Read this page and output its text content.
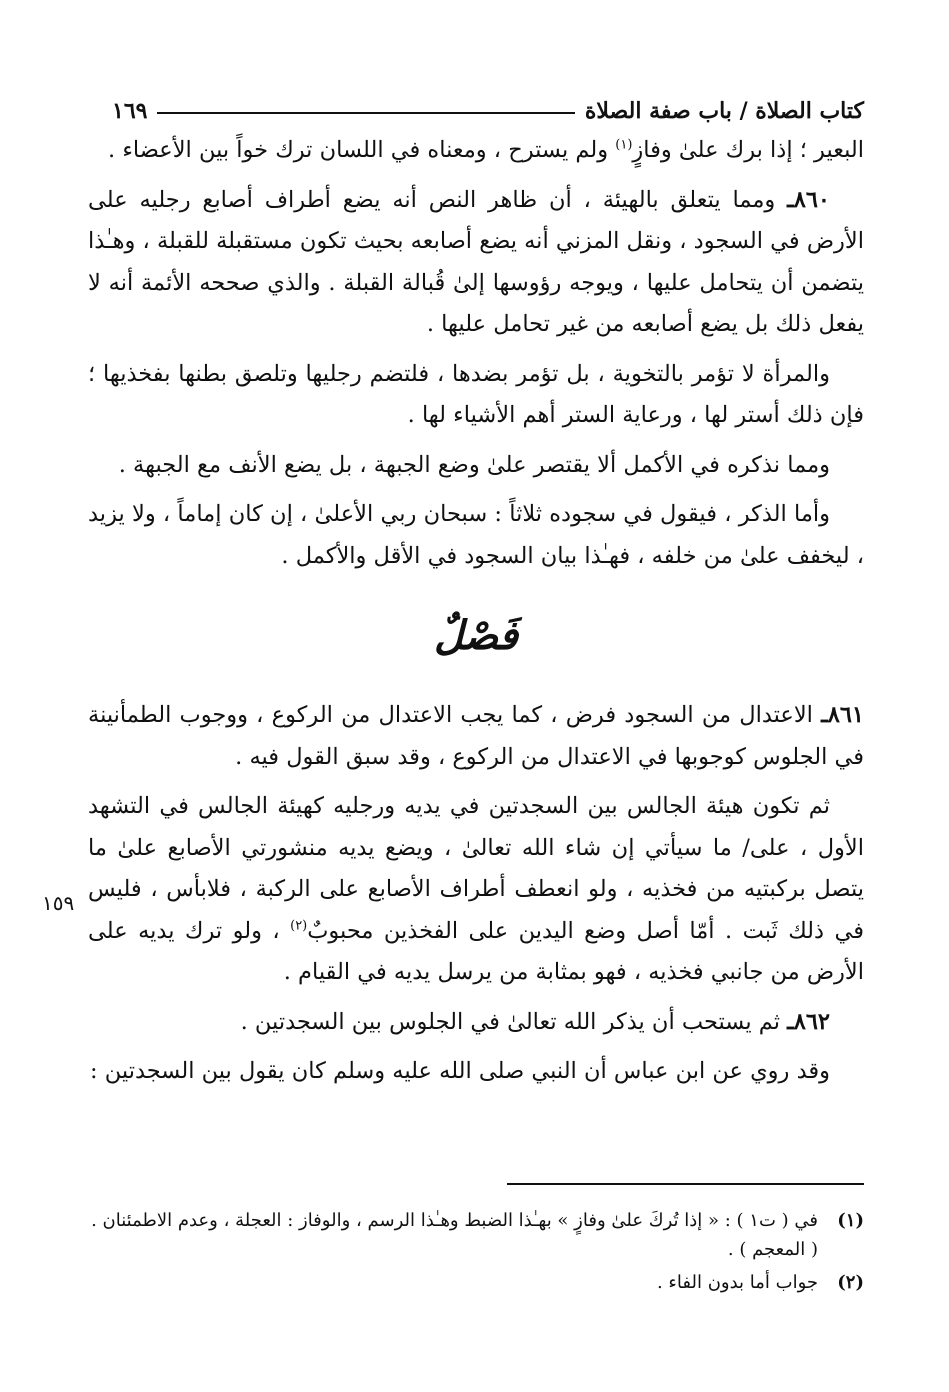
كتاب الصلاة / باب صفة الصلاة
١٦٩
١٥٩

البعير ؛ إذا برك علىٰ وفازٍ$^{(١)}$ ولم يسترح ، ومعناه في اللسان ترك خواً بين الأعضاء .

٨٦٠ـ ومما يتعلق بالهيئة ، أن ظاهر النص أنه يضع أطراف أصابع رجليه على الأرض في السجود ، ونقل المزني أنه يضع أصابعه بحيث تكون مستقبلة للقبلة ، وهـٰذا يتضمن أن يتحامل عليها ، ويوجه رؤوسها إلىٰ قُبالة القبلة . والذي صححه الأئمة أنه لا يفعل ذلك بل يضع أصابعه من غير تحامل عليها .

والمرأة لا تؤمر بالتخوية ، بل تؤمر بضدها ، فلتضم رجليها وتلصق بطنها بفخذيها ؛ فإن ذلك أستر لها ، ورعاية الستر أهم الأشياء لها .

ومما نذكره في الأكمل ألا يقتصر علىٰ وضع الجبهة ، بل يضع الأنف مع الجبهة .

وأما الذكر ، فيقول في سجوده ثلاثاً : سبحان ربي الأعلىٰ ، إن كان إماماً ، ولا يزيد ، ليخفف علىٰ من خلفه ، فهـٰذا بيان السجود في الأقل والأكمل .

فَصْلٌ

٨٦١ـ الاعتدال من السجود فرض ، كما يجب الاعتدال من الركوع ، ووجوب الطمأنينة في الجلوس كوجوبها في الاعتدال من الركوع ، وقد سبق القول فيه .

ثم تكون هيئة الجالس بين السجدتين في يديه ورجليه كهيئة الجالس في التشهد الأول ، على/ ما سيأتي إن شاء الله تعالىٰ ، ويضع يديه منشورتي الأصابع علىٰ ما يتصل بركبتيه من فخذيه ، ولو انعطف أطراف الأصابع على الركبة ، فلابأس ، فليس في ذلك ثَبت . أمّا أصل وضع اليدين على الفخذين محبوبٌ$^{(٢)}$ ، ولو ترك يديه على الأرض من جانبي فخذيه ، فهو بمثابة من يرسل يديه في القيام .

٨٦٢ـ ثم يستحب أن يذكر الله تعالىٰ في الجلوس بين السجدتين .

وقد روي عن ابن عباس أن النبي صلى الله عليه وسلم كان يقول بين السجدتين :

(١)
في ( ت١ ) : « إذا تُركَ علىٰ وفازٍ » بهـٰذا الضبط وهـٰذا الرسم ، والوفاز : العجلة ، وعدم الاطمئنان . ( المعجم ) .
(٢)
جواب أما بدون الفاء .
